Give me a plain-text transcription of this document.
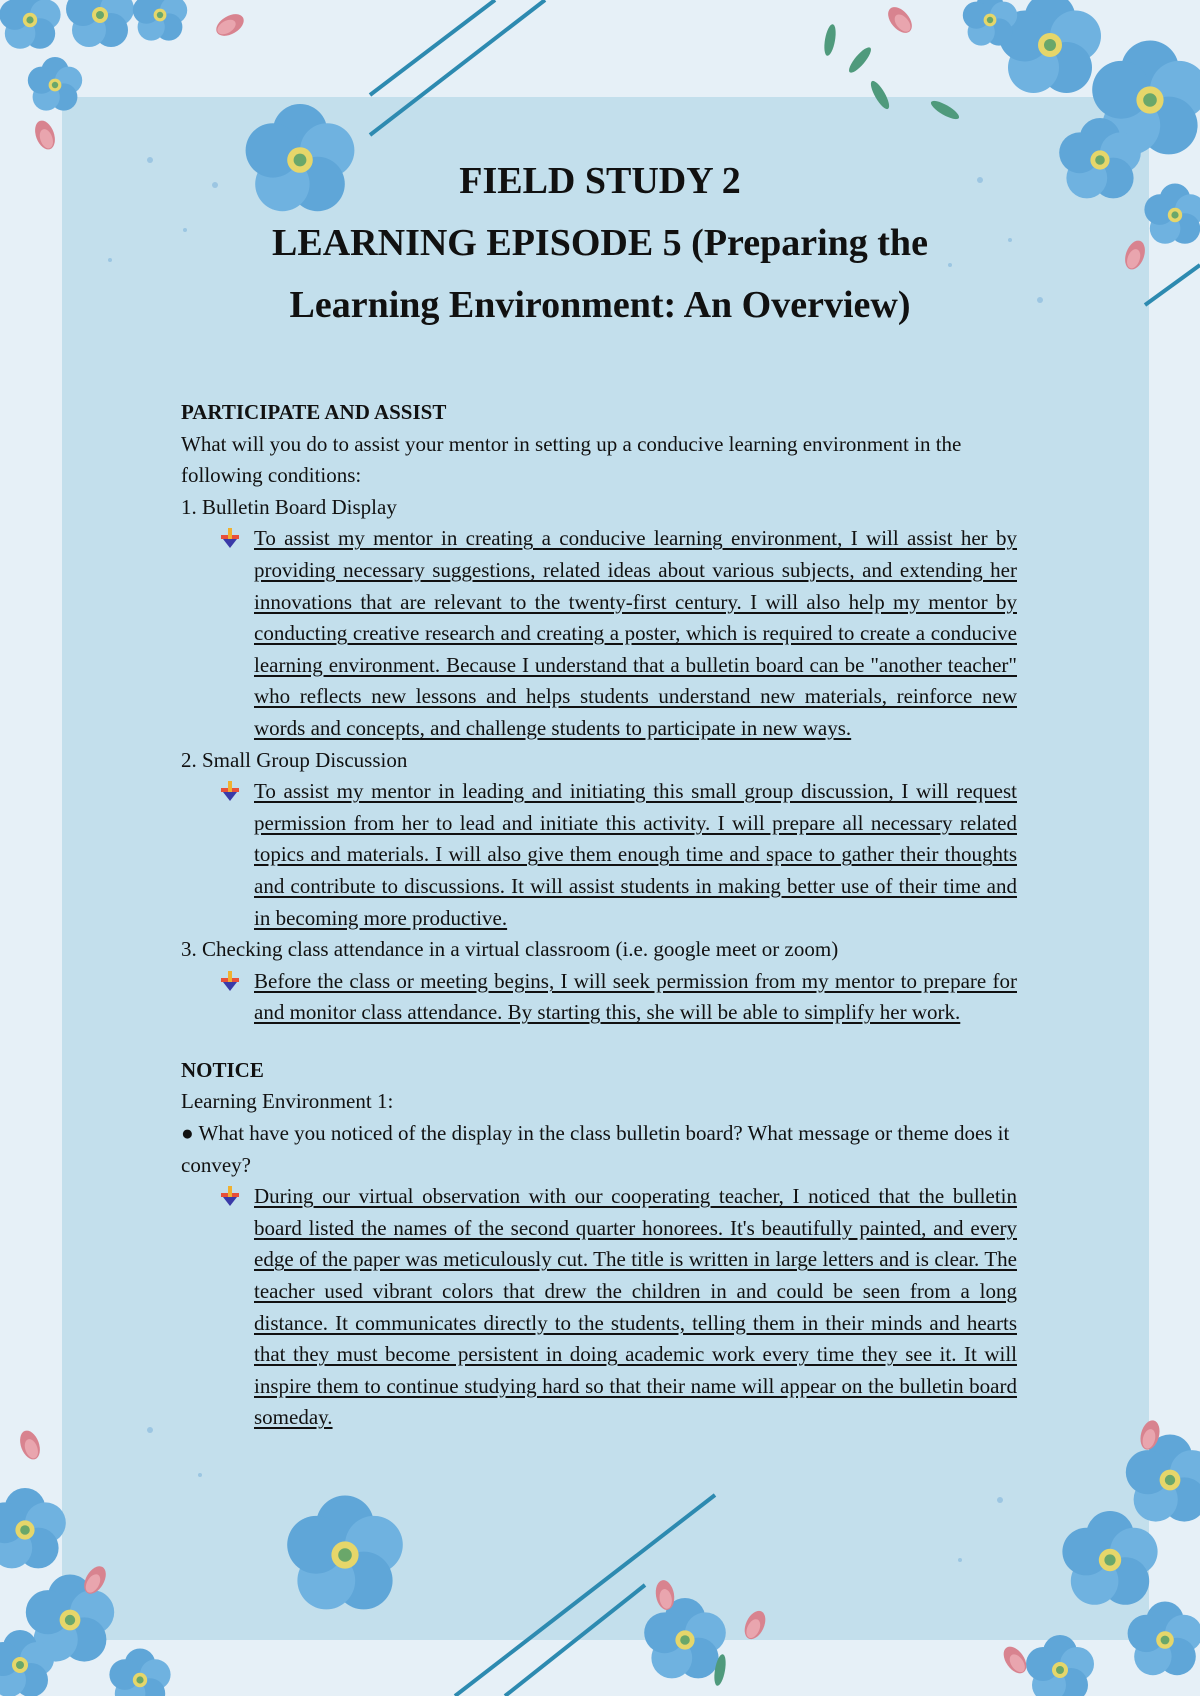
FIELD STUDY 2
LEARNING EPISODE 5 (Preparing the
Learning Environment: An Overview)

PARTICIPATE AND ASSIST

What will you do to assist your mentor in setting up a conducive learning environment in the following conditions:

1. Bulletin Board Display

To assist my mentor in creating a conducive learning environment, I will assist her by providing necessary suggestions, related ideas about various subjects, and extending her innovations that are relevant to the twenty-first century. I will also help my mentor by conducting creative research and creating a poster, which is required to create a conducive learning environment. Because I understand that a bulletin board can be "another teacher" who reflects new lessons and helps students understand new materials, reinforce new words and concepts, and challenge students to participate in new ways.

2. Small Group Discussion

To assist my mentor in leading and initiating this small group discussion, I will request permission from her to lead and initiate this activity. I will prepare all necessary related topics and materials. I will also give them enough time and space to gather their thoughts and contribute to discussions. It will assist students in making better use of their time and in becoming more productive.

3. Checking class attendance in a virtual classroom (i.e. google meet or zoom)

Before the class or meeting begins, I will seek permission from my mentor to prepare for and monitor class attendance. By starting this, she will be able to simplify her work.

NOTICE

Learning Environment 1:

● What have you noticed of the display in the class bulletin board? What message or theme does it convey?

During our virtual observation with our cooperating teacher, I noticed that the bulletin board listed the names of the second quarter honorees. It's beautifully painted, and every edge of the paper was meticulously cut. The title is written in large letters and is clear. The teacher used vibrant colors that drew the children in and could be seen from a long distance. It communicates directly to the students, telling them in their minds and hearts that they must become persistent in doing academic work every time they see it. It will inspire them to continue studying hard so that their name will appear on the bulletin board someday.
